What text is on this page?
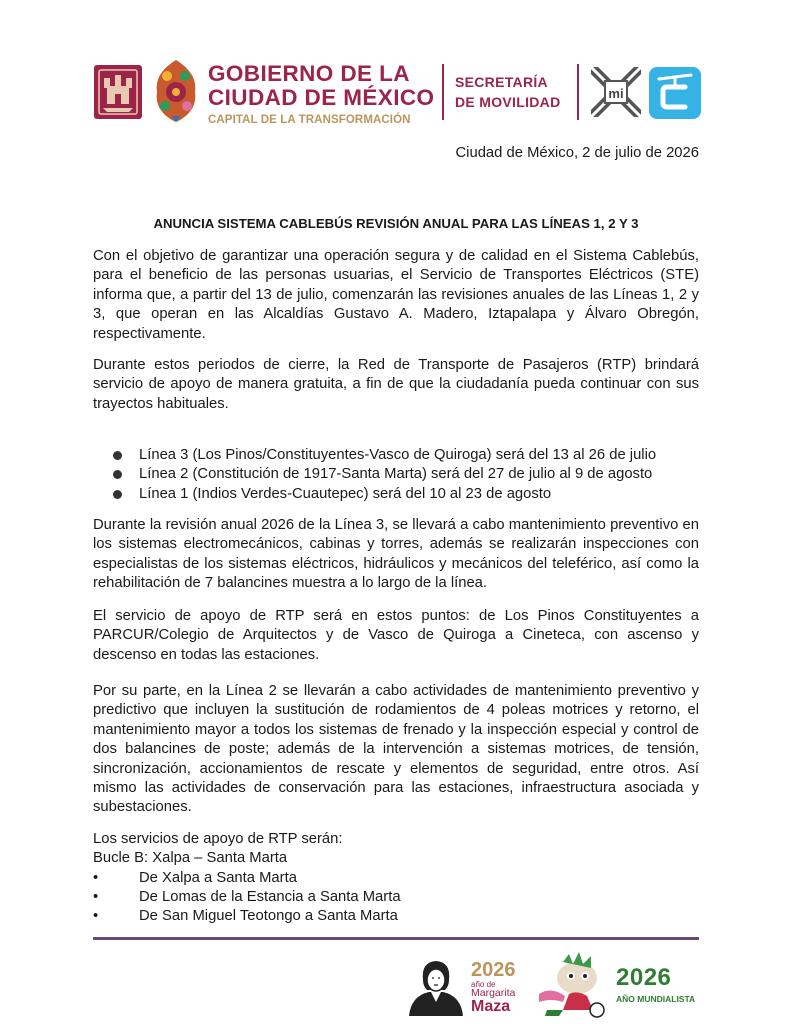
GOBIERNO DE LA
CIUDAD DE MÉXICO
CAPITAL DE LA TRANSFORMACIÓN
SECRETARÍA
DE MOVILIDAD
mi
Ciudad de México, 2 de julio de 2026
ANUNCIA SISTEMA CABLEBÚS REVISIÓN ANUAL PARA LAS LÍNEAS 1, 2 Y 3

Con el objetivo de garantizar una operación segura y de calidad en el Sistema Cablebús, para el beneficio de las personas usuarias, el Servicio de Transportes Eléctricos (STE) informa que, a partir del 13 de julio, comenzarán las revisiones anuales de las Líneas 1, 2 y 3, que operan en las Alcaldías Gustavo A. Madero, Iztapalapa y Álvaro Obregón, respectivamente.

Durante estos periodos de cierre, la Red de Transporte de Pasajeros (RTP) brindará servicio de apoyo de manera gratuita, a fin de que la ciudadanía pueda continuar con sus trayectos habituales.

Línea 3 (Los Pinos/Constituyentes-Vasco de Quiroga) será del 13 al 26 de julio
Línea 2 (Constitución de 1917-Santa Marta) será del 27 de julio al 9 de agosto
Línea 1 (Indios Verdes-Cuautepec) será del 10 al 23 de agosto

Durante la revisión anual 2026 de la Línea 3, se llevará a cabo mantenimiento preventivo en los sistemas electromecánicos, cabinas y torres, además se realizarán inspecciones con especialistas de los sistemas eléctricos, hidráulicos y mecánicos del teleférico, así como la rehabilitación de 7 balancines muestra a lo largo de la línea.

El servicio de apoyo de RTP será en estos puntos: de Los Pinos Constituyentes a PARCUR/Colegio de Arquitectos y de Vasco de Quiroga a Cineteca, con ascenso y descenso en todas las estaciones.

Por su parte, en la Línea 2 se llevarán a cabo actividades de mantenimiento preventivo y predictivo que incluyen la sustitución de rodamientos de 4 poleas motrices y retorno, el mantenimiento mayor a todos los sistemas de frenado y la inspección especial y control de dos balancines de poste; además de la intervención a sistemas motrices, de tensión, sincronización, accionamientos de rescate y elementos de seguridad, entre otros. Así mismo las actividades de conservación para las estaciones, infraestructura asociada y subestaciones.

Los servicios de apoyo de RTP serán:
Bucle B: Xalpa – Santa Marta
•	De Xalpa a Santa Marta
•	De Lomas de la Estancia a Santa Marta
•	De San Miguel Teotongo a Santa Marta
2026
año de
Margarita
Maza
2026
AÑO MUNDIALISTA
